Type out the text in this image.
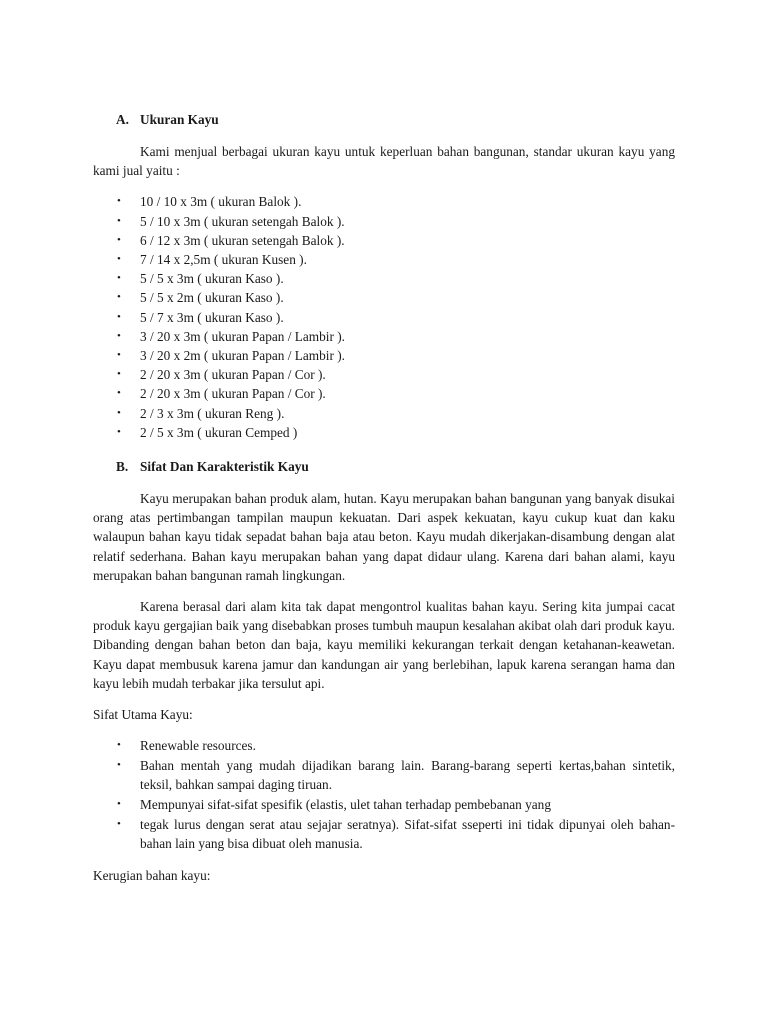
A. Ukuran Kayu

Kami menjual berbagai ukuran kayu untuk keperluan bahan bangunan, standar ukuran kayu yang kami jual yaitu :

• 10 / 10 x 3m ( ukuran Balok ).
• 5 / 10 x 3m ( ukuran setengah Balok ).
• 6 / 12 x 3m ( ukuran setengah Balok ).
• 7 / 14 x 2,5m ( ukuran Kusen ).
• 5 / 5 x 3m ( ukuran Kaso ).
• 5 / 5 x 2m ( ukuran Kaso ).
• 5 / 7 x 3m ( ukuran Kaso ).
• 3 / 20 x 3m ( ukuran Papan / Lambir ).
• 3 / 20 x 2m ( ukuran Papan / Lambir ).
• 2 / 20 x 3m ( ukuran Papan / Cor ).
• 2 / 20 x 3m ( ukuran Papan / Cor ).
• 2 / 3 x 3m ( ukuran Reng ).
• 2 / 5 x 3m ( ukuran Cemped )
B. Sifat Dan Karakteristik Kayu

Kayu merupakan bahan produk alam, hutan. Kayu merupakan bahan bangunan yang banyak disukai orang atas pertimbangan tampilan maupun kekuatan. Dari aspek kekuatan, kayu cukup kuat dan kaku walaupun bahan kayu tidak sepadat bahan baja atau beton. Kayu mudah dikerjakan-disambung dengan alat relatif sederhana. Bahan kayu merupakan bahan yang dapat didaur ulang. Karena dari bahan alami, kayu merupakan bahan bangunan ramah lingkungan.

Karena berasal dari alam kita tak dapat mengontrol kualitas bahan kayu. Sering kita jumpai cacat produk kayu gergajian baik yang disebabkan proses tumbuh maupun kesalahan akibat olah dari produk kayu. Dibanding dengan bahan beton dan baja, kayu memiliki kekurangan terkait dengan ketahanan-keawetan. Kayu dapat membusuk karena jamur dan kandungan air yang berlebihan, lapuk karena serangan hama dan kayu lebih mudah terbakar jika tersulut api.

Sifat Utama Kayu:

• Renewable resources.
• Bahan mentah yang mudah dijadikan barang lain. Barang-barang seperti kertas,bahan sintetik, teksil, bahkan sampai daging tiruan.
• Mempunyai sifat-sifat spesifik (elastis, ulet tahan terhadap pembebanan yang
• tegak lurus dengan serat atau sejajar seratnya). Sifat-sifat sseperti ini tidak dipunyai oleh bahan-bahan lain yang bisa dibuat oleh manusia.

Kerugian bahan kayu:
